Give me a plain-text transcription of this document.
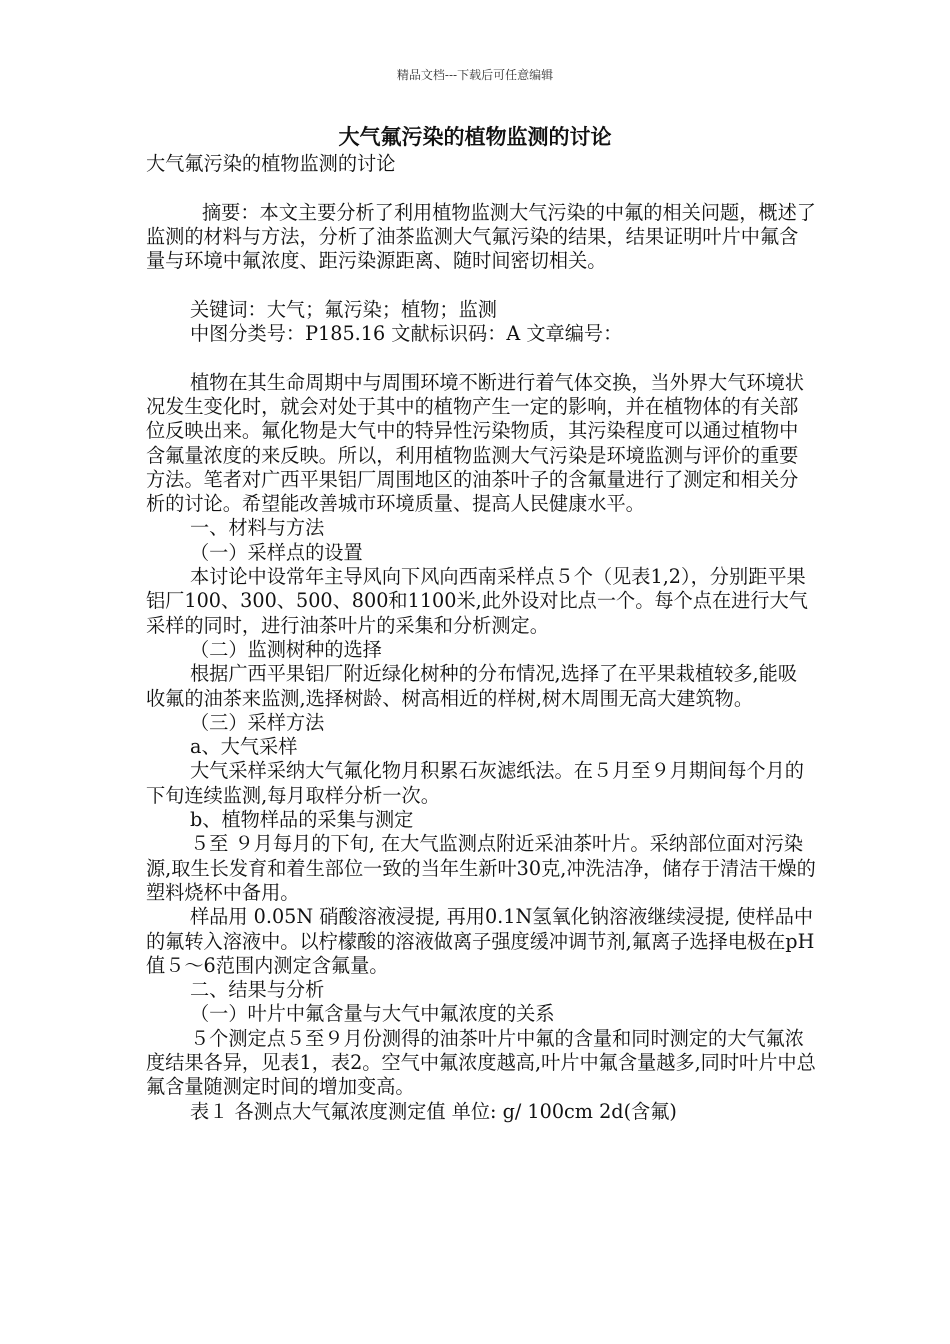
精品文档---下载后可任意编辑
大气氟污染的植物监测的讨论

大气氟污染的植物监测的讨论

摘要：本文主要分析了利用植物监测大气污染的中氟的相关问题，概述了监测的材料与方法，分析了油茶监测大气氟污染的结果，结果证明叶片中氟含量与环境中氟浓度、距污染源距离、随时间密切相关。

关键词：大气；氟污染；植物；监测

中图分类号：P185.16 文献标识码：A 文章编号：

植物在其生命周期中与周围环境不断进行着气体交换，当外界大气环境状况发生变化时，就会对处于其中的植物产生一定的影响，并在植物体的有关部位反映出来。氟化物是大气中的特异性污染物质，其污染程度可以通过植物中含氟量浓度的来反映。所以，利用植物监测大气污染是环境监测与评价的重要方法。笔者对广西平果铝厂周围地区的油茶叶子的含氟量进行了测定和相关分析的讨论。希望能改善城市环境质量、提高人民健康水平。

一、材料与方法

（一）采样点的设置

本讨论中设常年主导风向下风向西南采样点５个（见表1,2），分别距平果铝厂100、300、500、800和1100米,此外设对比点一个。每个点在进行大气采样的同时，进行油茶叶片的采集和分析测定。

（二）监测树种的选择

根据广西平果铝厂附近绿化树种的分布情况,选择了在平果栽植较多,能吸收氟的油茶来监测,选择树龄、树高相近的样树,树木周围无高大建筑物。

（三）采样方法

a、大气采样

大气采样采纳大气氟化物月积累石灰滤纸法。在５月至９月期间每个月的下旬连续监测,每月取样分析一次。

b、植物样品的采集与测定

５至 ９月每月的下旬, 在大气监测点附近采油茶叶片。采纳部位面对污染源,取生长发育和着生部位一致的当年生新叶30克,冲洗洁净，储存于清洁干燥的塑料烧杯中备用。

样品用 0.05N 硝酸溶液浸提, 再用0.1N氢氧化钠溶液继续浸提, 使样品中的氟转入溶液中。以柠檬酸的溶液做离子强度缓冲调节剂,氟离子选择电极在pH 值５～6范围内测定含氟量。

二、结果与分析

（一）叶片中氟含量与大气中氟浓度的关系

５个测定点５至９月份测得的油茶叶片中氟的含量和同时测定的大气氟浓度结果各异，见表1，表2。空气中氟浓度越高,叶片中氟含量越多,同时叶片中总氟含量随测定时间的增加变高。

表１ 各测点大气氟浓度测定值 单位: g/ 100cm 2d(含氟)
